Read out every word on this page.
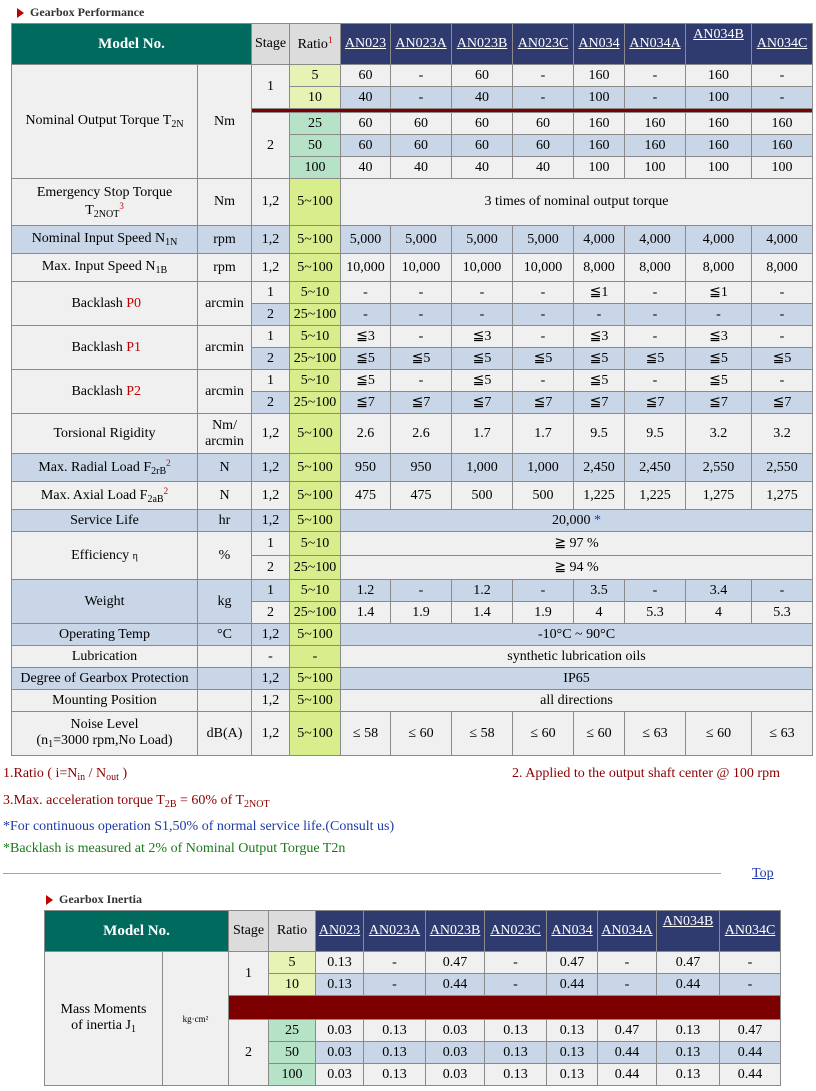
Gearbox Performance
Model No.		Stage	Ratio$^1$	AN023	AN023A	AN023B	AN023C	AN034	AN034A	AN034B	AN034C
Nominal Output Torque $T_{2N}$	Nm	1	5	60	-	60	-	160	-	160	-
			10	40	-	40	-	100	-	100	-

		2	25	60	60	60	60	160	160	160	160
			50	60	60	60	60	160	160	160	160
			100	40	40	40	40	100	100	100	100
Emergency Stop Torque
$T_{2NOT}^3$	Nm	1,2	5~100	3 times of nominal output torque							
Nominal Input Speed $N_{1N}$	rpm	1,2	5~100	5,000	5,000	5,000	5,000	4,000	4,000	4,000	4,000
Max. Input Speed $N_{1B}$	rpm	1,2	5~100	10,000	10,000	10,000	10,000	8,000	8,000	8,000	8,000
Backlash P0	arcmin	1	5~10	-	-	-	-	≦1	-	≦1	-
		2	25~100	-	-	-	-	-	-	-	-
Backlash P1	arcmin	1	5~10	≦3	-	≦3	-	≦3	-	≦3	-
		2	25~100	≦5	≦5	≦5	≦5	≦5	≦5	≦5	≦5
Backlash P2	arcmin	1	5~10	≦5	-	≦5	-	≦5	-	≦5	-
		2	25~100	≦7	≦7	≦7	≦7	≦7	≦7	≦7	≦7
Torsional Rigidity	Nm/
arcmin	1,2	5~100	2.6	2.6	1.7	1.7	9.5	9.5	3.2	3.2
Max. Radial Load $F_{2rB}^2$	N	1,2	5~100	950	950	1,000	1,000	2,450	2,450	2,550	2,550
Max. Axial Load $F_{2aB}^2$	N	1,2	5~100	475	475	500	500	1,225	1,225	1,275	1,275
Service Life	hr	1,2	5~100	20,000 *							
Efficiency η	%	1	5~10	≧ 97 %							
		2	25~100	≧ 94 %							
Weight	kg	1	5~10	1.2	-	1.2	-	3.5	-	3.4	-
		2	25~100	1.4	1.9	1.4	1.9	4	5.3	4	5.3
Operating Temp	°C	1,2	5~100	-10°C ~ 90°C							
Lubrication		-	-	synthetic lubrication oils							
Degree of Gearbox Protection		1,2	5~100	IP65							
Mounting Position		1,2	5~100	all directions							
Noise Level
($n_1=3000$ rpm,No Load)	dB(A)	1,2	5~100	≤ 58	≤ 60	≤ 58	≤ 60	≤ 60	≤ 63	≤ 60	≤ 63
1.Ratio ( $i=N_{in} / N_{out}$ )	2. Applied to the output shaft center @ 100 rpm
3.Max. acceleration torque $T_{2B} = 60\%$ of $T_{2NOT}$
*For continuous operation S1,50% of normal service life.(Consult us)
*Backlash is measured at 2% of Nominal Output Torgue T2n
Top
Gearbox Inertia
Model No.		Stage	Ratio	AN023	AN023A	AN023B	AN023C	AN034	AN034A	AN034B	AN034C
Mass Moments
of inertia $J_1$	kg·cm²	1	5	0.13	-	0.47	-	0.47	-	0.47	-
			10	0.13	-	0.44	-	0.44	-	0.44	-

		2	25	0.03	0.13	0.03	0.13	0.13	0.47	0.13	0.47
			50	0.03	0.13	0.03	0.13	0.13	0.44	0.13	0.44
			100	0.03	0.13	0.03	0.13	0.13	0.44	0.13	0.44
